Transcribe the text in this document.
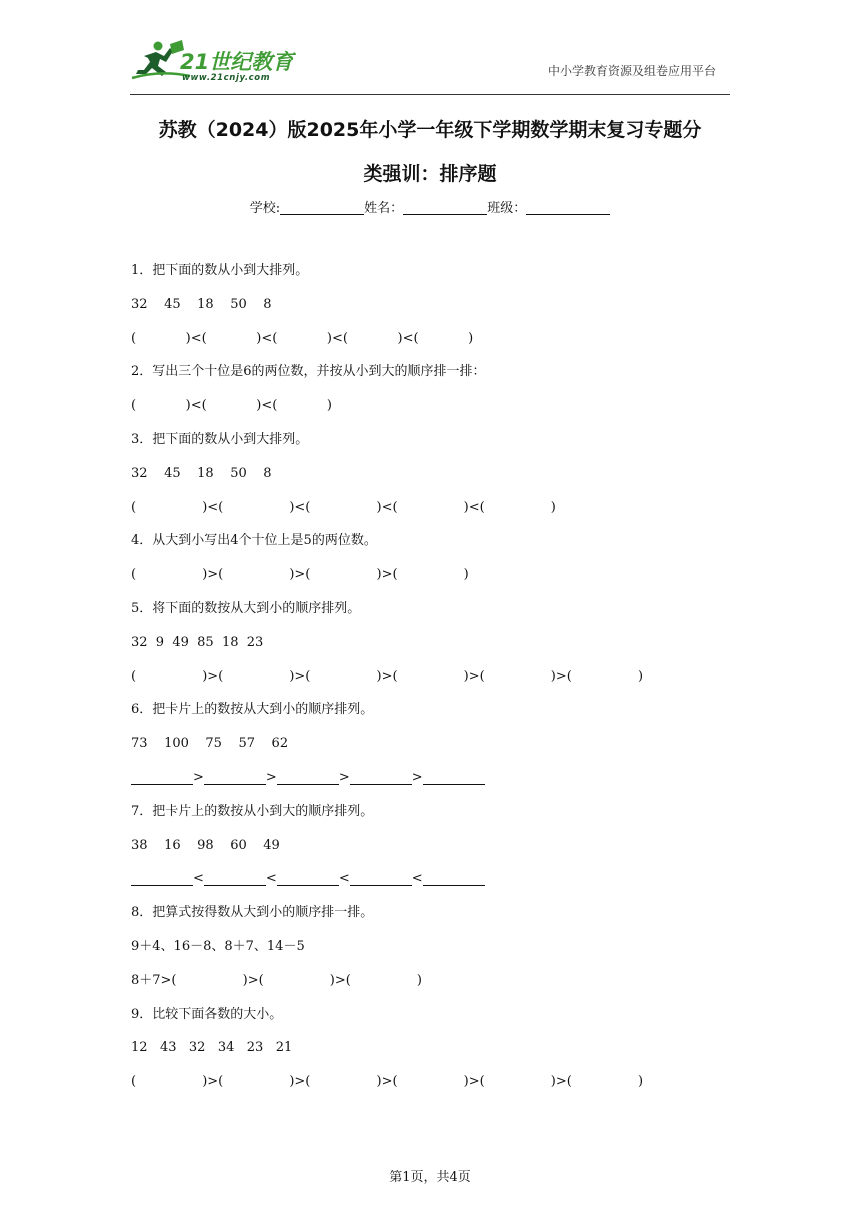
21世纪教育
www.21cnjy.com	中小学教育资源及组卷应用平台
苏教（2024）版2025年小学一年级下学期数学期末复习专题分
类强训：排序题
学校:	姓名：	班级：
1．把下面的数从小到大排列。
32    45    18    50    8
(            )<(            )<(            )<(            )<(            )
2．写出三个十位是6的两位数，并按从小到大的顺序排一排：
(            )<(            )<(            )
3．把下面的数从小到大排列。
32    45    18    50    8
(                )<(                )<(                )<(                )<(                )
4．从大到小写出4个十位上是5的两位数。
(                )>(                )>(                )>(                )
5．将下面的数按从大到小的顺序排列。
32  9  49  85  18  23
(                )>(                )>(                )>(                )>(                )>(                )
6．把卡片上的数按从大到小的顺序排列。
73    100    75    57    62
>	>	>	>
7．把卡片上的数按从小到大的顺序排列。
38    16    98    60    49
<	<	<	<
8．把算式按得数从大到小的顺序排一排。
9＋4、16－8、8＋7、14－5
8＋7>(                )>(                )>(                )
9．比较下面各数的大小。
12   43   32   34   23   21
(                )>(                )>(                )>(                )>(                )>(                )
第1页，共4页
